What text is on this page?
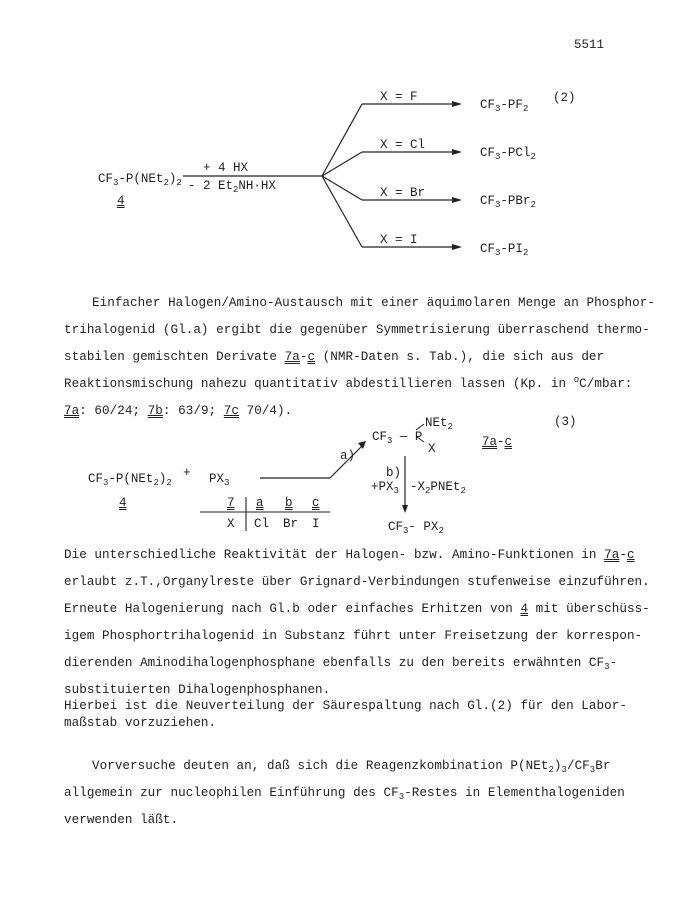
5511
(2)
$CF_3-P(NEt_2)_2$
4
+ 4 HX
- 2 $Et_2NH\cdot HX$
X = F
X = Cl
X = Br
X = I
$CF_3-PF_2$
$CF_3-PCl_2$
$CF_3-PBr_2$
$CF_3-PI_2$
Einfacher Halogen/Amino-Austausch mit einer äquimolaren Menge an Phosphor-
trihalogenid (Gl.a) ergibt die gegenüber Symmetrisierung überraschend thermo-
stabilen gemischten Derivate 7a-c (NMR-Daten s. Tab.), die sich aus der
Reaktionsmischung nahezu quantitativ abdestillieren lassen (Kp. in $^o$C/mbar:
7a: 60/24; 7b: 63/9; 7c 70/4).
(3)
NEt$_2$
$CF_3$ — P
X	7a-c
a)
b)
$+PX_3$ $-X_2PNEt_2$
$CF_3-P(NEt_2)_2$
+ $PX_3$
4	7 a b c
X Cl Br I	$CF_3-$ $PX_2$
Die unterschiedliche Reaktivität der Halogen- bzw. Amino-Funktionen in 7a-c
erlaubt z.T.,Organylreste über Grignard-Verbindungen stufenweise einzuführen.
Erneute Halogenierung nach Gl.b oder einfaches Erhitzen von 4 mit überschüss-
igem Phosphortrihalogenid in Substanz führt unter Freisetzung der korrespon-
dierenden Aminodihalogenphosphane ebenfalls zu den bereits erwähnten $CF_3-$
substituierten Dihalogenphosphanen.
Hierbei ist die Neuverteilung der Säurespaltung nach Gl.(2) für den Labor-
maßstab vorzuziehen.
Vorversuche deuten an, daß sich die Reagenzkombination $P(NEt_2)_3/CF_3Br$
allgemein zur nucleophilen Einführung des $CF_3$-Restes in Elementhalogeniden
verwenden läßt.
